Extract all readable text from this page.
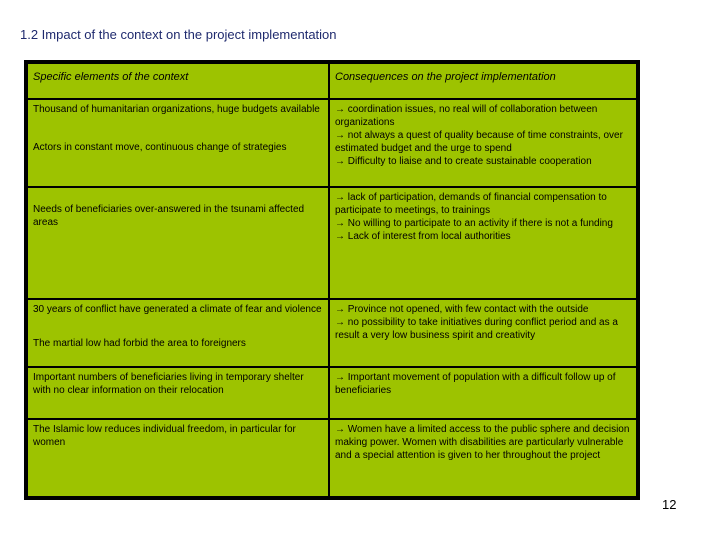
1.2 Impact of the context on the project implementation
Specific elements of the context	Consequences on the project implementation

Thousand of humanitarian organizations, huge budgets available
Actors in constant move, continuous change of strategies	→ coordination issues, no real will of collaboration between organizations
→ not always a quest of quality because of time constraints, over estimated budget and the urge to spend
→ Difficulty to liaise and to create sustainable cooperation

Needs of beneficiaries over-answered in the tsunami affected areas	→ lack of participation, demands of financial compensation to participate to meetings, to trainings
→ No willing to participate to an activity if there is not a funding
→ Lack of interest from local authorities

30 years of conflict have generated a climate of fear and violence
The martial low had forbid the area to foreigners	→ Province not opened, with few contact with the outside
→ no possibility to take initiatives during conflict period and as a result a very low business spirit and creativity

Important numbers of beneficiaries living in temporary shelter with no clear information on their relocation	→ Important movement of population with a difficult follow up of beneficiaries

The Islamic low reduces individual freedom, in particular for women	→ Women have a limited access to the public sphere and decision making power. Women with disabilities are particularly vulnerable and a special attention is given to her throughout the project
12
